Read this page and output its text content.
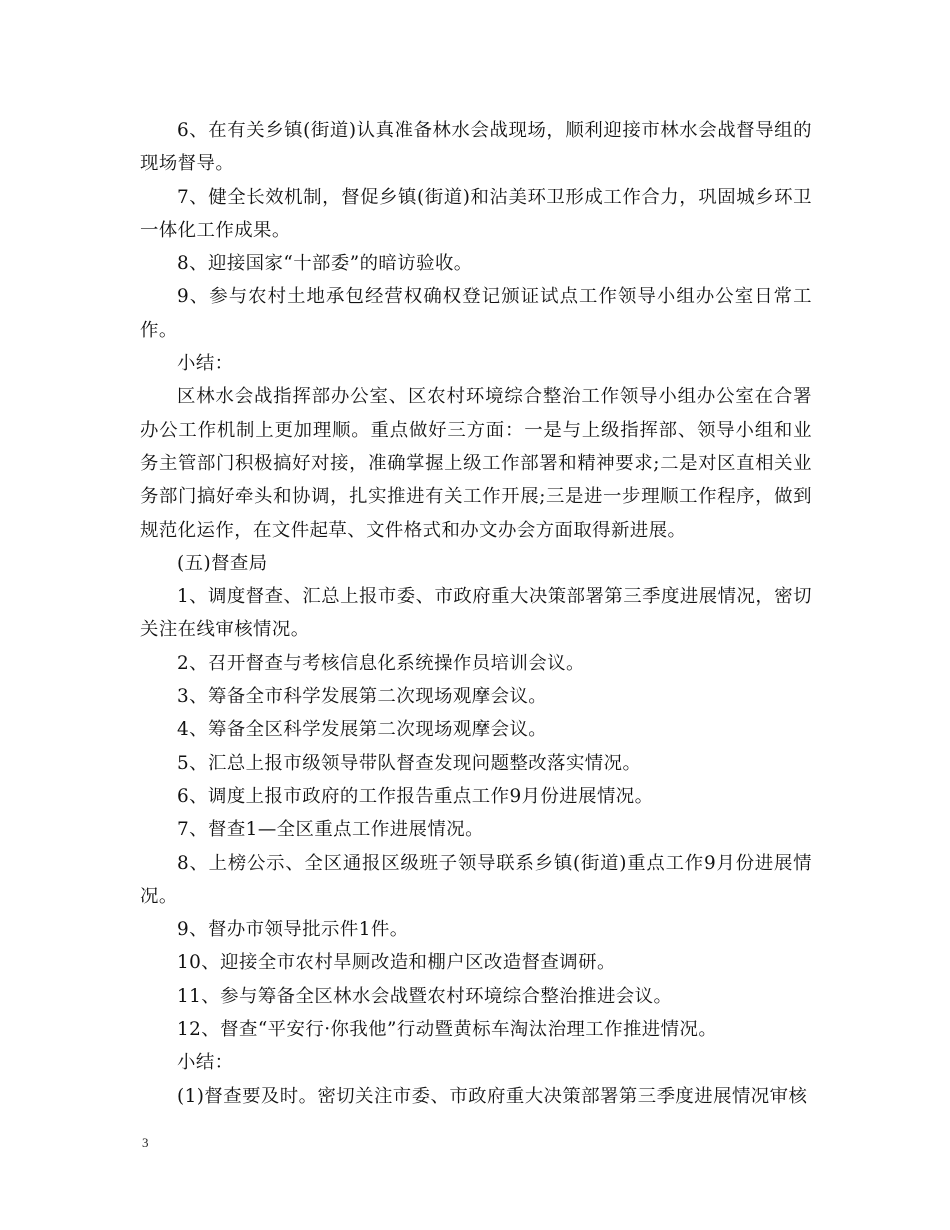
6、在有关乡镇(街道)认真准备林水会战现场，顺利迎接市林水会战督导组的现场督导。

7、健全长效机制，督促乡镇(街道)和沾美环卫形成工作合力，巩固城乡环卫一体化工作成果。

8、迎接国家“十部委”的暗访验收。

9、参与农村土地承包经营权确权登记颁证试点工作领导小组办公室日常工作。

小结：

区林水会战指挥部办公室、区农村环境综合整治工作领导小组办公室在合署办公工作机制上更加理顺。重点做好三方面：一是与上级指挥部、领导小组和业务主管部门积极搞好对接，准确掌握上级工作部署和精神要求;二是对区直相关业务部门搞好牵头和协调，扎实推进有关工作开展;三是进一步理顺工作程序，做到规范化运作，在文件起草、文件格式和办文办会方面取得新进展。

(五)督查局

1、调度督查、汇总上报市委、市政府重大决策部署第三季度进展情况，密切关注在线审核情况。

2、召开督查与考核信息化系统操作员培训会议。

3、筹备全市科学发展第二次现场观摩会议。

4、筹备全区科学发展第二次现场观摩会议。

5、汇总上报市级领导带队督查发现问题整改落实情况。

6、调度上报市政府的工作报告重点工作9月份进展情况。

7、督查1—全区重点工作进展情况。

8、上榜公示、全区通报区级班子领导联系乡镇(街道)重点工作9月份进展情况。

9、督办市领导批示件1件。

10、迎接全市农村旱厕改造和棚户区改造督查调研。

11、参与筹备全区林水会战暨农村环境综合整治推进会议。

12、督查“平安行·你我他”行动暨黄标车淘汰治理工作推进情况。

小结：

(1)督查要及时。密切关注市委、市政府重大决策部署第三季度进展情况审核

3
